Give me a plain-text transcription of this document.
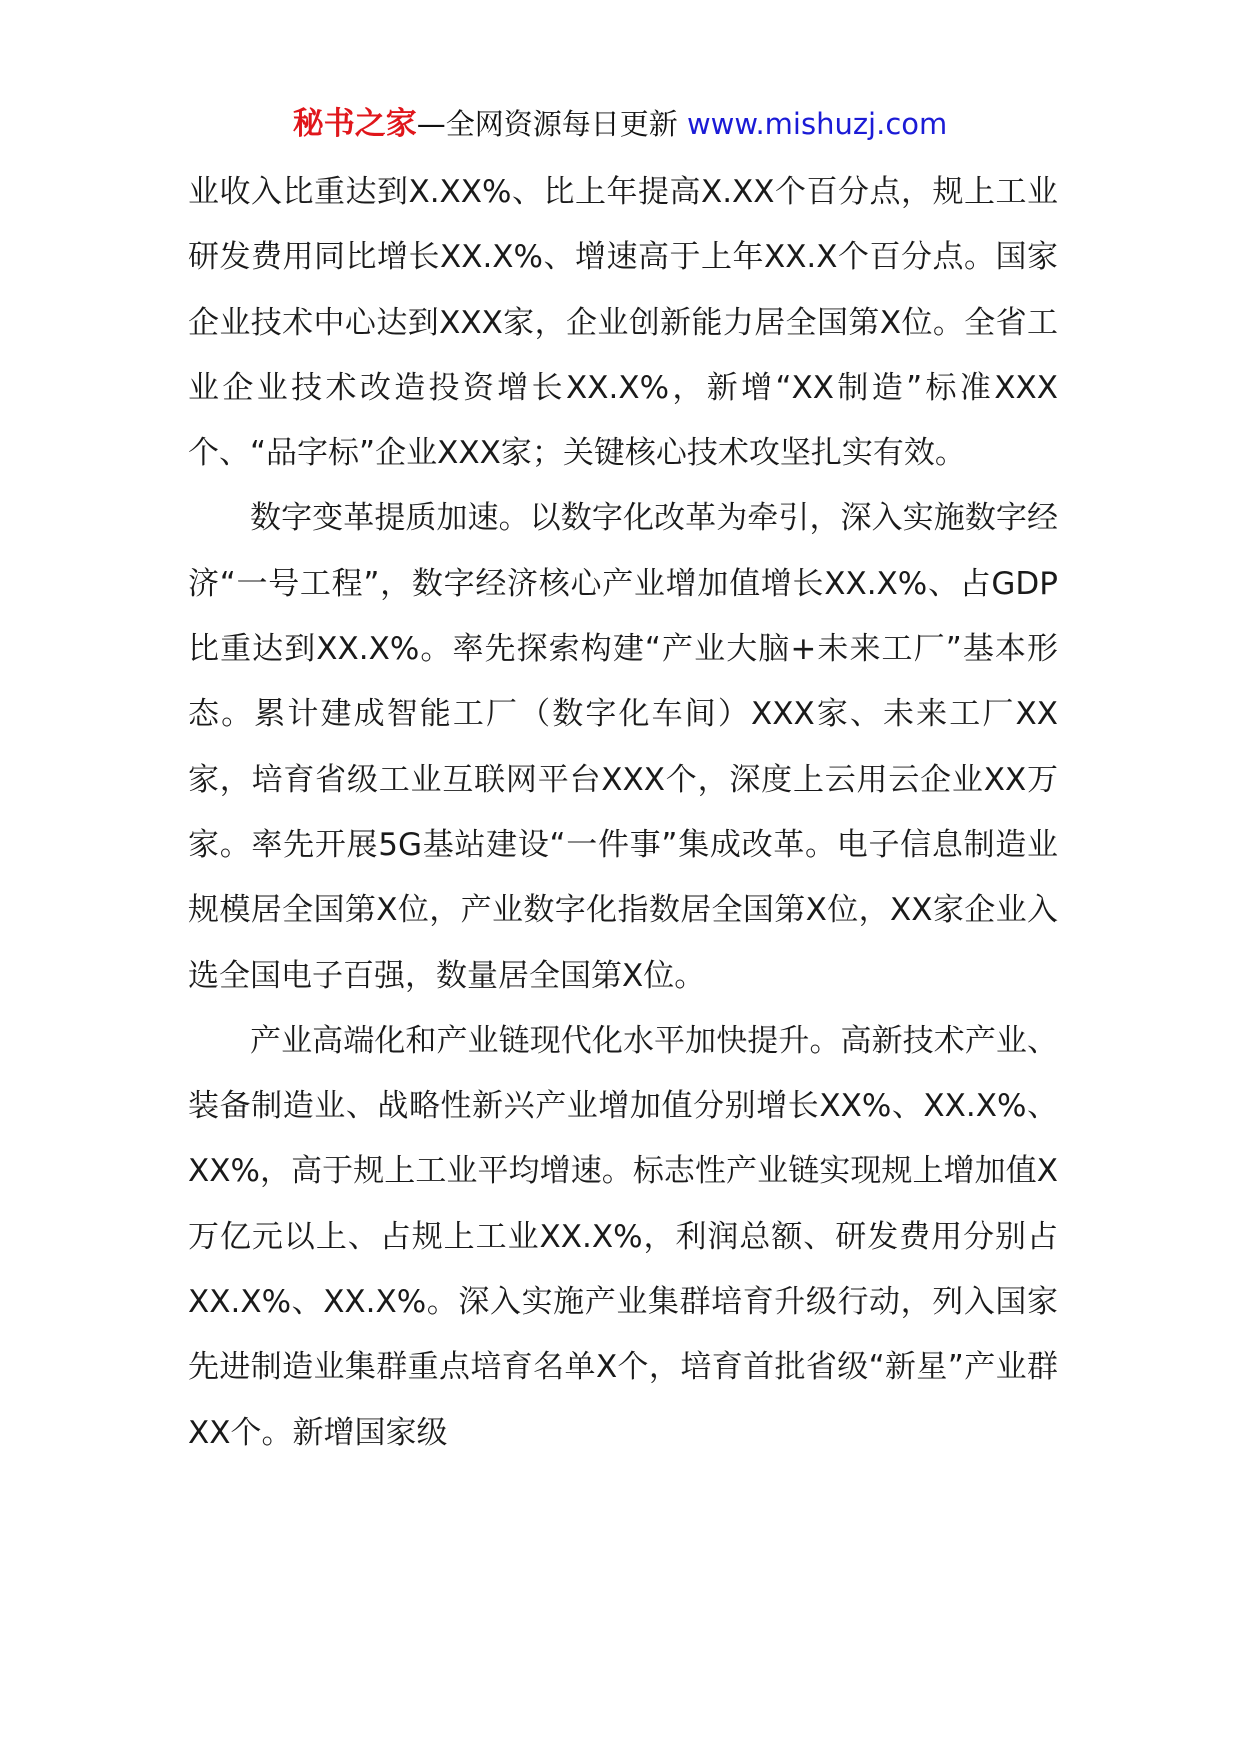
秘书之家—全网资源每日更新 www.mishuzj.com

业收入比重达到X.XX%、比上年提高X.XX个百分点，规上工业研发费用同比增长XX.X%、增速高于上年XX.X个百分点。国家企业技术中心达到XXX家，企业创新能力居全国第X位。全省工业企业技术改造投资增长XX.X%，新增“XX制造”标准XXX个、“品字标”企业XXX家；关键核心技术攻坚扎实有效。

数字变革提质加速。以数字化改革为牵引，深入实施数字经济“一号工程”，数字经济核心产业增加值增长XX.X%、占GDP比重达到XX.X%。率先探索构建“产业大脑+未来工厂”基本形态。累计建成智能工厂（数字化车间）XXX家、未来工厂XX家，培育省级工业互联网平台XXX个，深度上云用云企业XX万家。率先开展5G基站建设“一件事”集成改革。电子信息制造业规模居全国第X位，产业数字化指数居全国第X位，XX家企业入选全国电子百强，数量居全国第X位。

产业高端化和产业链现代化水平加快提升。高新技术产业、装备制造业、战略性新兴产业增加值分别增长XX%、XX.X%、XX%，高于规上工业平均增速。标志性产业链实现规上增加值X万亿元以上、占规上工业XX.X%，利润总额、研发费用分别占XX.X%、XX.X%。深入实施产业集群培育升级行动，列入国家先进制造业集群重点培育名单X个，培育首批省级“新星”产业群XX个。新增国家级
